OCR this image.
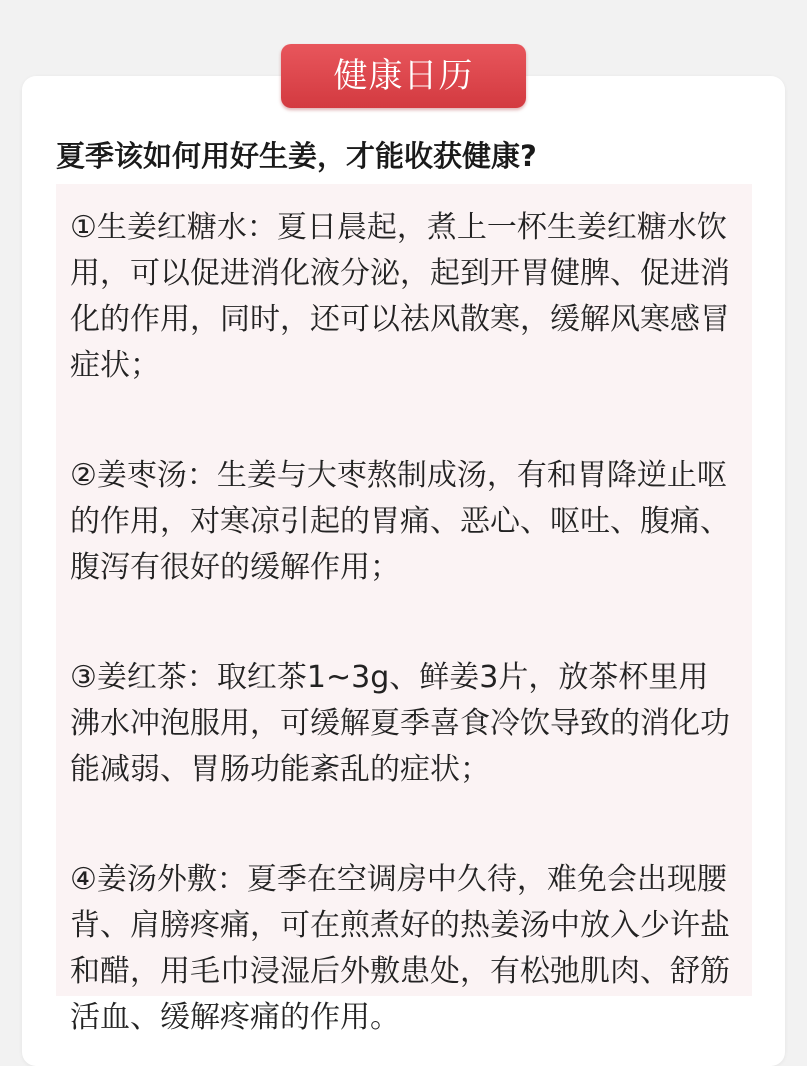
健康日历
夏季该如何用好生姜，才能收获健康?

①生姜红糖水：夏日晨起，煮上一杯生姜红糖水饮用，可以促进消化液分泌，起到开胃健脾、促进消化的作用，同时，还可以祛风散寒，缓解风寒感冒症状；

②姜枣汤：生姜与大枣熬制成汤，有和胃降逆止呕的作用，对寒凉引起的胃痛、恶心、呕吐、腹痛、腹泻有很好的缓解作用；

③姜红茶：取红茶1~3g、鲜姜3片，放茶杯里用沸水冲泡服用，可缓解夏季喜食冷饮导致的消化功能减弱、胃肠功能紊乱的症状；

④姜汤外敷：夏季在空调房中久待，难免会出现腰背、肩膀疼痛，可在煎煮好的热姜汤中放入少许盐和醋，用毛巾浸湿后外敷患处，有松弛肌肉、舒筋活血、缓解疼痛的作用。
